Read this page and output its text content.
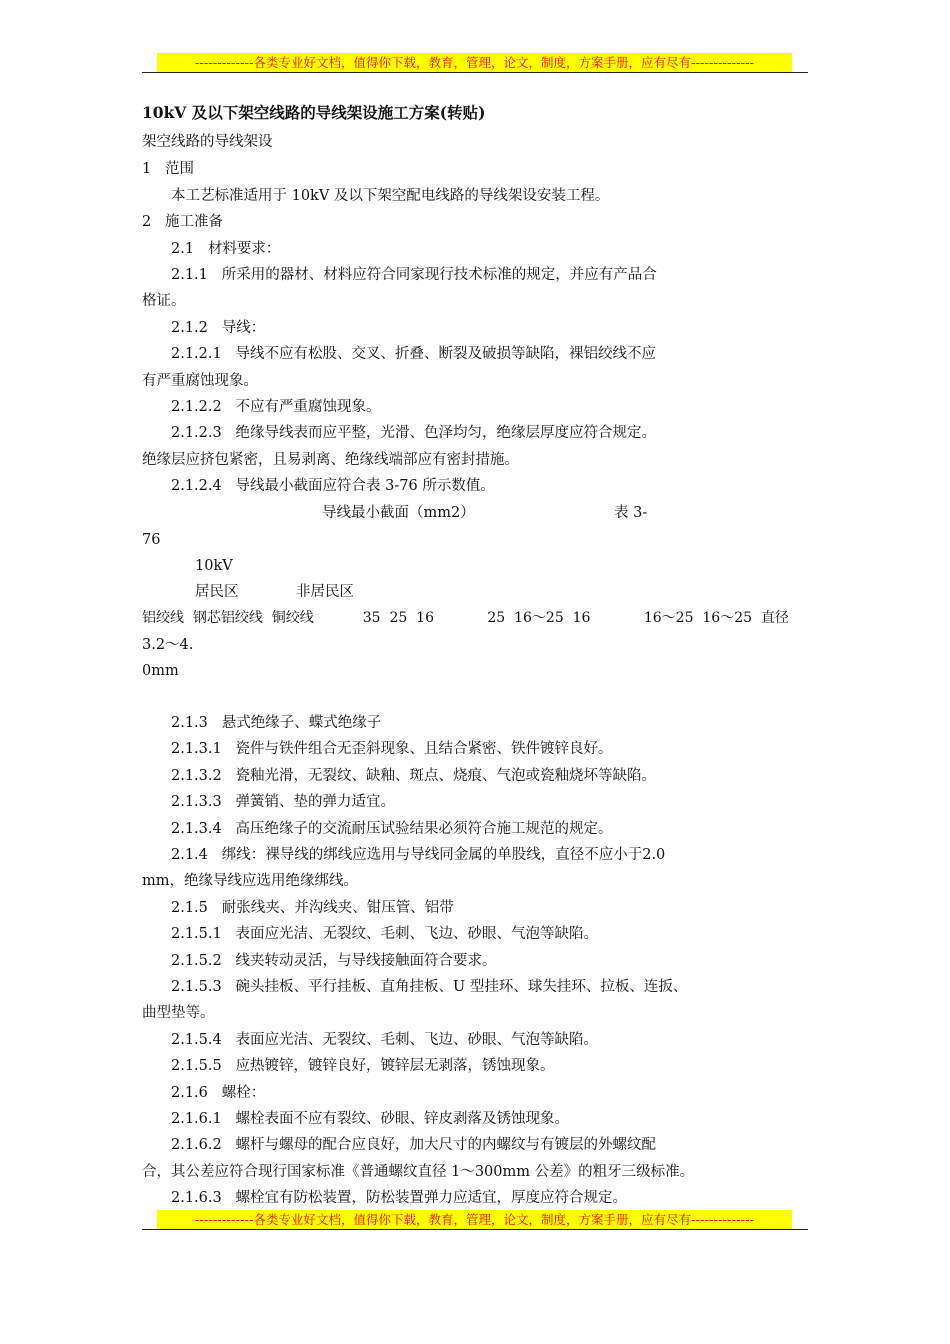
-------------各类专业好文档，值得你下载，教育，管理，论文，制度，方案手册，应有尽有--------------
10kV 及以下架空线路的导线架设施工方案(转贴)
架空线路的导线架设
1   范围
本工艺标准适用于 10kV 及以下架空配电线路的导线架设安装工程。
2   施工准备
2.1   材料要求：
2.1.1   所采用的器材、材料应符合同家现行技术标准的规定，并应有产品合
格证。
2.1.2   导线：
2.1.2.1   导线不应有松股、交叉、折叠、断裂及破损等缺陷，裸铝绞线不应
有严重腐蚀现象。
2.1.2.2   不应有严重腐蚀现象。
2.1.2.3   绝缘导线表而应平整，光滑、色泽均匀，绝缘层厚度应符合规定。
绝缘层应挤包紧密，且易剥离、绝缘线端部应有密封措施。
2.1.2.4   导线最小截面应符合表 3-76 所示数值。
导线最小截面（mm2）	表 3-
76
10kV
居民区	非居民区
铝绞线  钢芯铝绞线  铜绞线           35  25  16            25  16～25  16            16～25  16～25  直径
3.2～4.
0mm
2.1.3   悬式绝缘子、蝶式绝缘子
2.1.3.1   瓷件与铁件组合无歪斜现象、且结合紧密、铁件镀锌良好。
2.1.3.2   瓷釉光滑，无裂纹、缺釉、斑点、烧痕、气泡或瓷釉烧坏等缺陷。
2.1.3.3   弹簧销、垫的弹力适宜。
2.1.3.4   高压绝缘子的交流耐压试验结果必须符合施工规范的规定。
2.1.4   绑线：裸导线的绑线应选用与导线同金属的单股线，直径不应小于2.0
mm，绝缘导线应选用绝缘绑线。
2.1.5   耐张线夹、并沟线夹、钳压管、铝带
2.1.5.1   表面应光洁、无裂纹、毛刺、飞边、砂眼、气泡等缺陷。
2.1.5.2   线夹转动灵活，与导线接触面符合要求。
2.1.5.3   碗头挂板、平行挂板、直角挂板、U 型挂环、球失挂环、拉板、连扳、
曲型垫等。
2.1.5.4   表面应光洁、无裂纹、毛刺、飞边、砂眼、气泡等缺陷。
2.1.5.5   应热镀锌，镀锌良好，镀锌层无剥落，锈蚀现象。
2.1.6   螺栓：
2.1.6.1   螺栓表面不应有裂纹、砂眼、锌皮剥落及锈蚀现象。
2.1.6.2   螺杆与螺母的配合应良好，加大尺寸的内螺纹与有镀层的外螺纹配
合，其公差应符合现行国家标准《普通螺纹直径 1～300mm 公差》的粗牙三级标准。
2.1.6.3   螺栓宜有防松装置，防松装置弹力应适宜，厚度应符合规定。
-------------各类专业好文档，值得你下载，教育，管理，论文，制度，方案手册，应有尽有--------------
